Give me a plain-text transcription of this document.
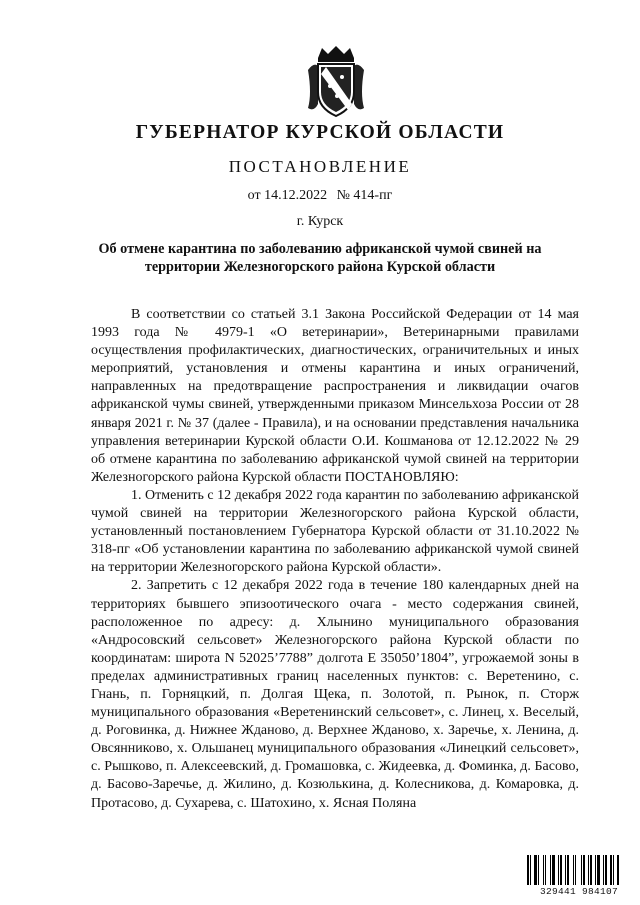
ГУБЕРНАТОР КУРСКОЙ ОБЛАСТИ
ПОСТАНОВЛЕНИЕ
от 14.12.2022 № 414-пг
г. Курск
Об отмене карантина по заболеванию африканской чумой свиней на
территории Железногорского района Курской области

В соответствии со статьей 3.1 Закона Российской Федерации от 14 мая 1993 года № 4979-1 «О ветеринарии», Ветеринарными правилами осуществления профилактических, диагностических, ограничительных и иных мероприятий, установления и отмены карантина и иных ограничений, направленных на предотвращение распространения и ликвидации очагов африканской чумы свиней, утвержденными приказом Минсельхоза России от 28 января 2021 г. № 37 (далее - Правила), и на основании представления начальника управления ветеринарии Курской области О.И. Кошманова от 12.12.2022 № 29 об отмене карантина по заболеванию африканской чумой свиней на территории Железногорского района Курской области ПОСТАНОВЛЯЮ:

1. Отменить с 12 декабря 2022 года карантин по заболеванию африканской чумой свиней на территории Железногорского района Курской области, установленный постановлением Губернатора Курской области от 31.10.2022 № 318-пг «Об установлении карантина по заболеванию африканской чумой свиней на территории Железногорского района Курской области».

2. Запретить с 12 декабря 2022 года в течение 180 календарных дней на территориях бывшего эпизоотического очага - место содержания свиней, расположенное по адресу: д. Хлынино муниципального образования «Андросовский сельсовет» Железногорского района Курской области по координатам: широта N 52025’7788” долгота E 35050’1804”, угрожаемой зоны в пределах административных границ населенных пунктов: с. Веретенино, с. Гнань, п. Горняцкий, п. Долгая Щека, п. Золотой, п. Рынок, п. Сторж муниципального образования «Веретенинский сельсовет», с. Линец, х. Веселый, д. Роговинка, д. Нижнее Жданово, д. Верхнее Жданово, х. Заречье, х. Ленина, д. Овсянниково, х. Ольшанец муниципального образования «Линецкий сельсовет», с. Рышково, п. Алексеевский, д. Громашовка, с. Жидеевка, д. Фоминка, д. Басово, д. Басово-Заречье, д. Жилино, д. Козюлькина, д. Колесникова, д. Комаровка, д. Протасово, д. Сухарева, с. Шатохино, х. Ясная Поляна

329441 984107
